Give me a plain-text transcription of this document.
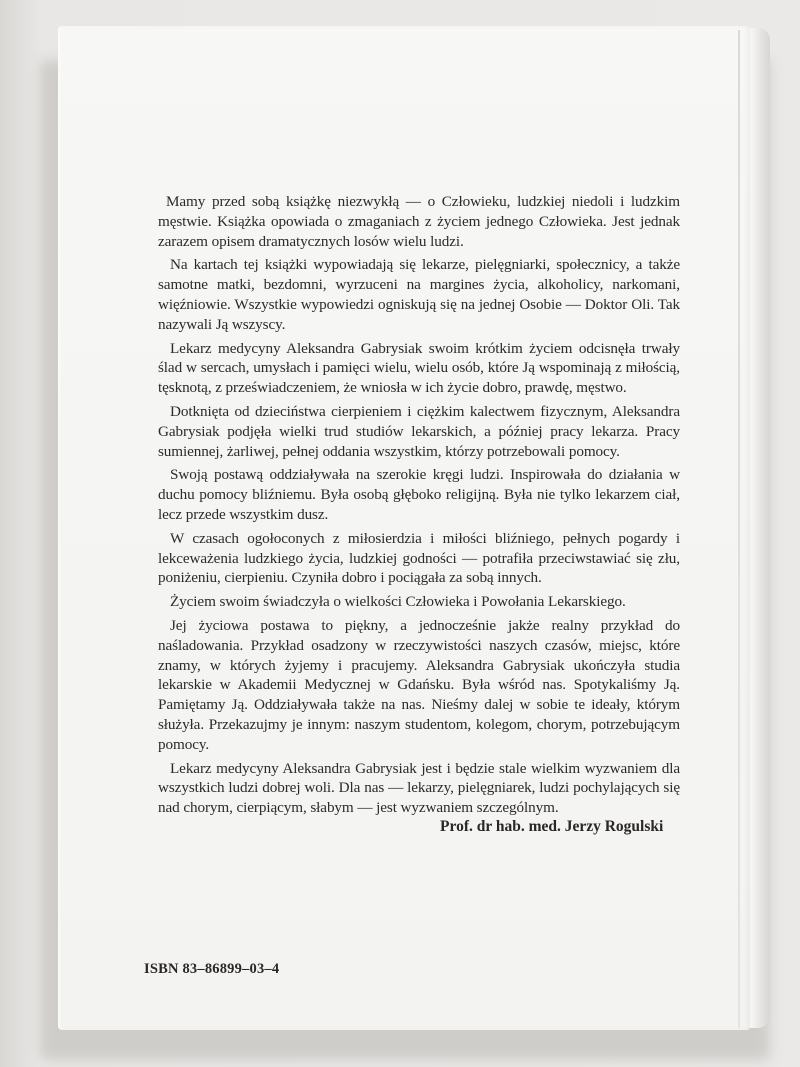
Mamy przed sobą książkę niezwykłą — o Człowieku, ludzkiej niedoli i ludzkim męstwie. Książka opowiada o zmaganiach z życiem jednego Człowieka. Jest jednak zarazem opisem dramatycznych losów wielu ludzi.

Na kartach tej książki wypowiadają się lekarze, pielęgniarki, społecznicy, a także samotne matki, bezdomni, wyrzuceni na margines życia, alkoholicy, narkomani, więźniowie. Wszystkie wypowiedzi ogniskują się na jednej Osobie — Doktor Oli. Tak nazywali Ją wszyscy.

Lekarz medycyny Aleksandra Gabrysiak swoim krótkim życiem odcisnęła trwały ślad w sercach, umysłach i pamięci wielu, wielu osób, które Ją wspominają z miłością, tęsknotą, z przeświadczeniem, że wniosła w ich życie dobro, prawdę, męstwo.

Dotknięta od dzieciństwa cierpieniem i ciężkim kalectwem fizycznym, Aleksandra Gabrysiak podjęła wielki trud studiów lekarskich, a później pracy lekarza. Pracy sumiennej, żarliwej, pełnej oddania wszystkim, którzy potrzebowali pomocy.

Swoją postawą oddziaływała na szerokie kręgi ludzi. Inspirowała do działania w duchu pomocy bliźniemu. Była osobą głęboko religijną. Była nie tylko lekarzem ciał, lecz przede wszystkim dusz.

W czasach ogołoconych z miłosierdzia i miłości bliźniego, pełnych pogardy i lekceważenia ludzkiego życia, ludzkiej godności — potrafiła przeciwstawiać się złu, poniżeniu, cierpieniu. Czyniła dobro i pociągała za sobą innych.

Życiem swoim świadczyła o wielkości Człowieka i Powołania Lekarskiego.

Jej życiowa postawa to piękny, a jednocześnie jakże realny przykład do naśladowania. Przykład osadzony w rzeczywistości naszych czasów, miejsc, które znamy, w których żyjemy i pracujemy. Aleksandra Gabrysiak ukończyła studia lekarskie w Akademii Medycznej w Gdańsku. Była wśród nas. Spotykaliśmy Ją. Pamiętamy Ją. Oddziaływała także na nas. Nieśmy dalej w sobie te ideały, którym służyła. Przekazujmy je innym: naszym studentom, kolegom, chorym, potrzebującym pomocy.

Lekarz medycyny Aleksandra Gabrysiak jest i będzie stale wielkim wyzwaniem dla wszystkich ludzi dobrej woli. Dla nas — lekarzy, pielęgniarek, ludzi pochylających się nad chorym, cierpiącym, słabym — jest wyzwaniem szczególnym.

Prof. dr hab. med. Jerzy Rogulski
ISBN 83–86899–03–4
